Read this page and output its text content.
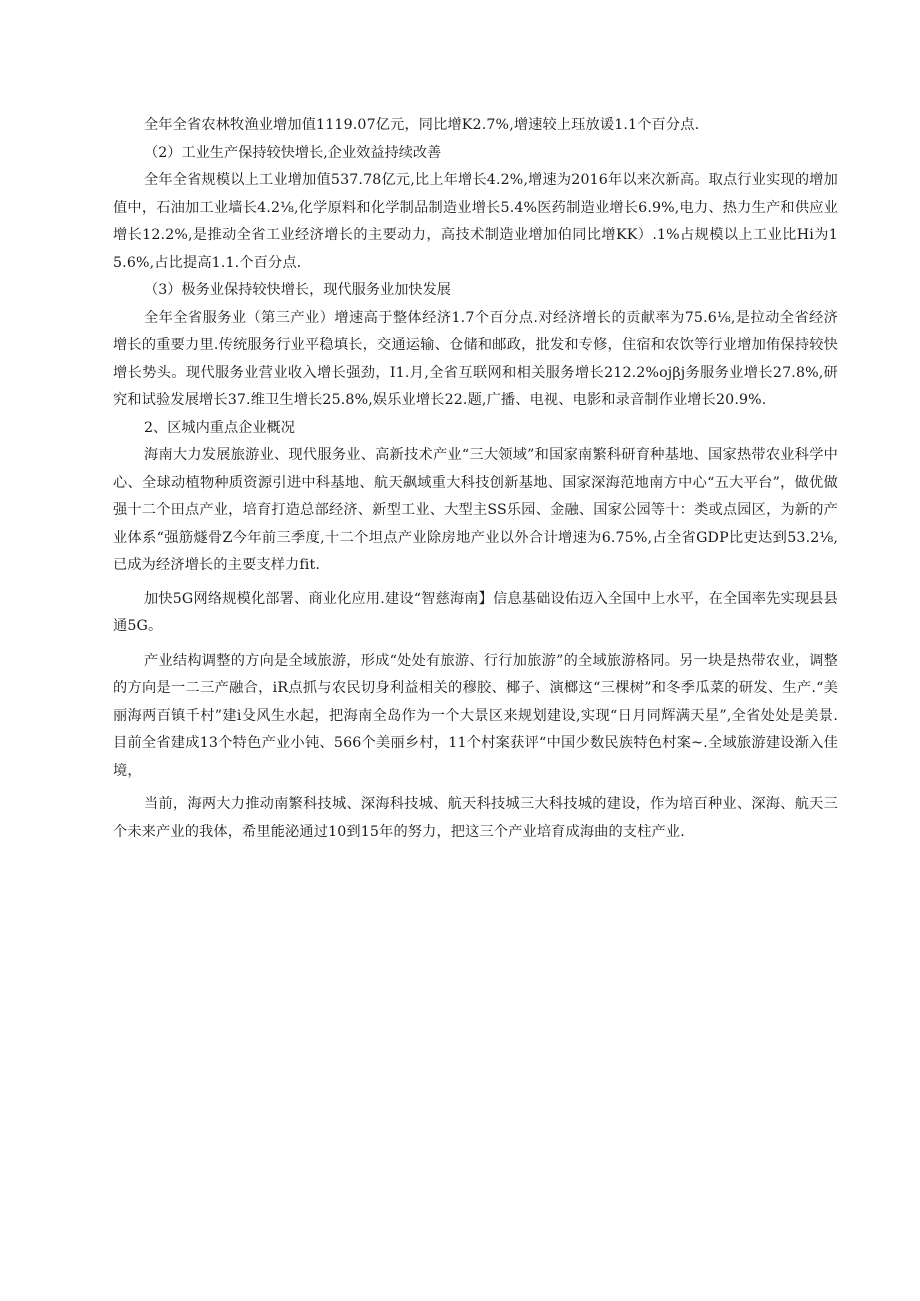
全年全省农林牧渔业增加值1119.07亿元，同比增K2.7%,增速较上珏放谖1.1个百分点.

（2）工业生产保持较快增长,企业效益持续改善

全年全省规模以上工业增加值537.78亿元,比上年增长4.2%,增速为2016年以来次新高。取点行业实现的增加值中，石油加工业墙长4.2⅛,化学原料和化学制品制造业增长5.4%医药制造业增长6.9%,电力、热力生产和供应业增长12.2%,是推动全省工业经济增长的主要动力，高技术制造业增加伯同比增KK）.1%占规模以上工业比Hi为15.6%,占比提高1.1.个百分点.

（3）极务业保持较快增长，现代服务业加快发展

全年全省服务业（第三产业）增速高于整体经济1.7个百分点.对经济增长的贡献率为75.6⅛,是拉动全省经济增长的重要力里.传统服务行业平稳填长，交通运输、仓储和邮政，批发和专修，住宿和农饮等行业增加侑保持较快增长势头。现代服务业营业收入增长强劲，I1.月,全省互联网和相关服务增长212.2%οjβj务服务业增长27.8%,研究和试验发展增长37.维卫生增长25.8%,娱乐业增长22.题,广播、电视、电影和录音制作业增长20.9%.

2、区城内重点企业概况

海南大力发展旅游业、现代服务业、高新技术产业“三大领域”和国家南繁科研育种基地、国家热带农业科学中心、全球动植物种质资源引进中科基地、航天飙域重大科技创新基地、国家深海范地南方中心“五大平台”，做优做强十二个田点产业，培育打造总部经济、新型工业、大型主SS乐园、金融、国家公园等十：类或点园区，为新的产业体系“强筋燧骨Z今年前三季度,十二个坦点产业除房地产业以外合计增速为6.75%,占全省GDP比吏达到53.2⅛,已成为经济增长的主要支样力fit.

加快5G网络规模化部署、商业化应用.建设“智慈海南】信息基础设佑迈入全国中上水平，在全国率先实现县县通5G。

产业结构调整的方向是全域旅游，形成“处处有旅游、行行加旅游”的全域旅游格同。另一块是热带农业，调整的方向是一二三产融合，iR点抓与农民切身利益相关的穆胶、椰子、演榔这“三棵树”和冬季瓜菜的研发、生产.“美丽海两百镇千村”建i殳风生水起，把海南全岛作为一个大景区来规划建设,实现“日月同辉满天星”,全省处处是美景.目前全省建成13个特色产业小钝、566个美丽乡村，11个村案获评“中国少数民族特色村案~.全域旅游建设渐入佳境，

当前，海两大力推动南繁科技城、深海科技城、航天科技城三大科技城的建设，作为培百种业、深海、航天三个未来产业的我体，希里能泌通过10到15年的努力，把这三个产业培育成海曲的支柱产业.
